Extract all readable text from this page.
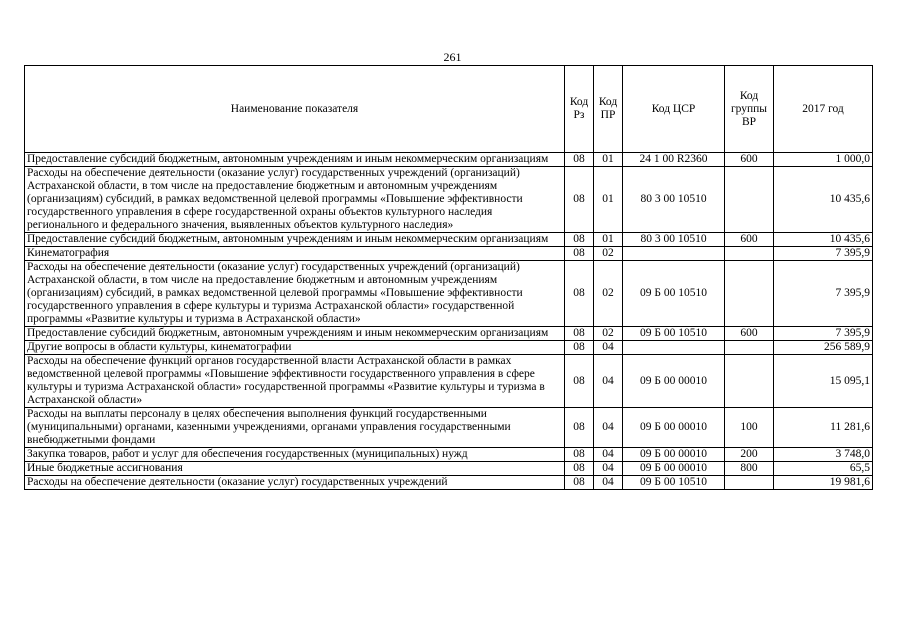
261
Наименование показателя	Код Рз	Код ПР	Код ЦСР	Код группы ВР	2017 год
Предоставление субсидий бюджетным, автономным учреждениям и иным некоммерческим организациям	08	01	24 1 00 R2360	600	1 000,0
Расходы на обеспечение деятельности (оказание услуг) государственных учреждений (организаций) Астраханской области, в том числе на предоставление бюджетным и автономным учреждениям (организациям) субсидий, в рамках ведомственной целевой программы «Повышение эффективности государственного управления в сфере государственной охраны объектов культурного наследия регионального и федерального значения, выявленных объектов культурного наследия»	08	01	80 3 00 10510		10 435,6
Предоставление субсидий бюджетным, автономным учреждениям и иным некоммерческим организациям	08	01	80 3 00 10510	600	10 435,6
Кинематография	08	02			7 395,9
Расходы на обеспечение деятельности (оказание услуг) государственных учреждений (организаций) Астраханской области, в том числе на предоставление бюджетным и автономным учреждениям (организациям) субсидий, в рамках ведомственной целевой программы «Повышение эффективности государственного управления в сфере культуры и туризма Астраханской области» государственной программы «Развитие культуры и туризма в Астраханской области»	08	02	09 Б 00 10510		7 395,9
Предоставление субсидий бюджетным, автономным учреждениям и иным некоммерческим организациям	08	02	09 Б 00 10510	600	7 395,9
Другие вопросы в области культуры, кинематографии	08	04			256 589,9
Расходы на обеспечение функций органов государственной власти Астраханской области в рамках ведомственной целевой программы «Повышение эффективности государственного управления в сфере культуры и туризма Астраханской области» государственной программы «Развитие культуры и туризма в Астраханской области»	08	04	09 Б 00 00010		15 095,1
Расходы на выплаты персоналу в целях обеспечения выполнения функций государственными (муниципальными) органами, казенными учреждениями, органами управления государственными внебюджетными фондами	08	04	09 Б 00 00010	100	11 281,6
Закупка товаров, работ и услуг для обеспечения государственных (муниципальных) нужд	08	04	09 Б 00 00010	200	3 748,0
Иные бюджетные ассигнования	08	04	09 Б 00 00010	800	65,5
Расходы на обеспечение деятельности (оказание услуг) государственных учреждений	08	04	09 Б 00 10510		19 981,6
